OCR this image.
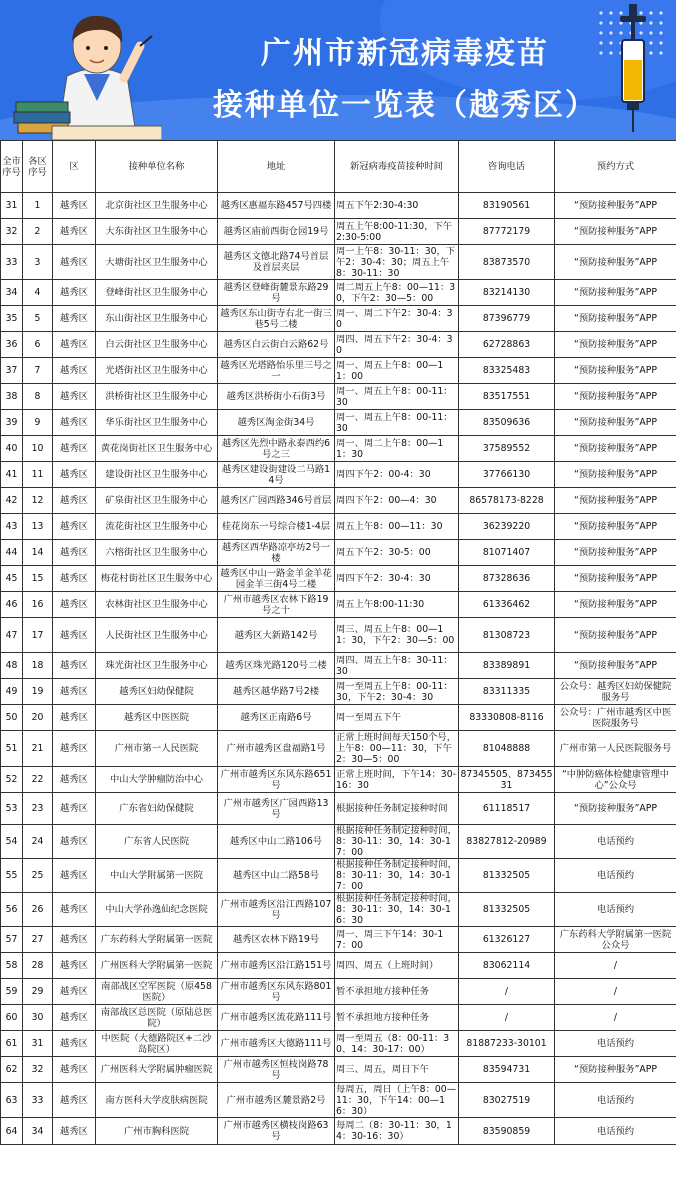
广州市新冠病毒疫苗
接种单位一览表（越秀区）
全市序号	各区序号	区	接种单位名称	地址	新冠病毒疫苗接种时间	咨询电话	预约方式
31	1	越秀区	北京街社区卫生服务中心	越秀区惠福东路457号四楼	周五下午2:30-4:30	83190561	“预防接种服务”APP
32	2	越秀区	大东街社区卫生服务中心	越秀区庙前西街仓园19号	周五上午8:00-11:30，下午2:30-5:00	87772179	“预防接种服务”APP
33	3	越秀区	大塘街社区卫生服务中心	越秀区文德北路74号首层及首层夹层	周一上午8：30-11：30，下午2：30-4：30；周五上午8：30-11：30	83873570	“预防接种服务”APP
34	4	越秀区	登峰街社区卫生服务中心	越秀区登峰街麓景东路29号	周二周五上午8：00—11：30，下午2：30—5：00	83214130	“预防接种服务”APP
35	5	越秀区	东山街社区卫生服务中心	越秀区东山街寺右北一街三巷5号二楼	周一、周二下午2：30-4：30	87396779	“预防接种服务”APP
36	6	越秀区	白云街社区卫生服务中心	越秀区白云街白云路62号	周四、周五下午2：30-4：30	62728863	“预防接种服务”APP
37	7	越秀区	光塔街社区卫生服务中心	越秀区光塔路怡乐里三号之一	周一、周五上午8：00—11：00	83325483	“预防接种服务”APP
38	8	越秀区	洪桥街社区卫生服务中心	越秀区洪桥街小石街3号	周一、周五上午8：00-11：30	83517551	“预防接种服务”APP
39	9	越秀区	华乐街社区卫生服务中心	越秀区淘金街34号	周一、周五上午8：00-11：30	83509636	“预防接种服务”APP
40	10	越秀区	黄花岗街社区卫生服务中心	越秀区先烈中路永泰西约6号之三	周一、周二上午8：00—11：30	37589552	“预防接种服务”APP
41	11	越秀区	建设街社区卫生服务中心	越秀区建设街建设二马路14号	周四下午2：00-4：30	37766130	“预防接种服务”APP
42	12	越秀区	矿泉街社区卫生服务中心	越秀区广园西路346号首层	周四下午2：00—4：30	86578173-8228	“预防接种服务”APP
43	13	越秀区	流花街社区卫生服务中心	桂花岗东一号综合楼1-4层	周五上午8：00—11：30	36239220	“预防接种服务”APP
44	14	越秀区	六榕街社区卫生服务中心	越秀区西华路凉亭坊2号一楼	周五下午2：30-5：00	81071407	“预防接种服务”APP
45	15	越秀区	梅花村街社区卫生服务中心	越秀区中山一路金羊金羊花园金羊三街4号二楼	周四下午2：30-4：30	87328636	“预防接种服务”APP
46	16	越秀区	农林街社区卫生服务中心	广州市越秀区农林下路19号之十	周五上午8:00-11:30	61336462	“预防接种服务”APP
47	17	越秀区	人民街社区卫生服务中心	越秀区大新路142号	周三、周五上午8：00—11：30，下午2：30—5：00	81308723	“预防接种服务”APP
48	18	越秀区	珠光街社区卫生服务中心	越秀区珠光路120号二楼	周四、周五上午8：30-11：30	83389891	“预防接种服务”APP
49	19	越秀区	越秀区妇幼保健院	越秀区越华路7号2楼	周一至周五上午8：00-11：30，下午2：30-4：30	83311335	公众号：越秀区妇幼保健院服务号
50	20	越秀区	越秀区中医医院	越秀区正南路6号	周一至周五下午	83330808-8116	公众号：广州市越秀区中医医院服务号
51	21	越秀区	广州市第一人民医院	广州市越秀区盘福路1号	正常上班时间每天150个号，上午8：00—11：30，下午2：30—5：00	81048888	广州市第一人民医院服务号
52	22	越秀区	中山大学肿瘤防治中心	广州市越秀区东风东路651号	正常上班时间，下午14：30-16：30	87345505、87345531	“中肿防癌体检健康管理中心”公众号
53	23	越秀区	广东省妇幼保健院	广州市越秀区广园西路13号	根据接种任务制定接种时间	61118517	“预防接种服务”APP
54	24	越秀区	广东省人民医院	越秀区中山二路106号	根据接种任务制定接种时间，8：30-11：30，14：30-17：00	83827812-20989	电话预约
55	25	越秀区	中山大学附属第一医院	越秀区中山二路58号	根据接种任务制定接种时间，8：30-11：30，14：30-17：00	81332505	电话预约
56	26	越秀区	中山大学孙逸仙纪念医院	广州市越秀区沿江西路107号	根据接种任务制定接种时间，8：30-11：30，14：30-16：30	81332505	电话预约
57	27	越秀区	广东药科大学附属第一医院	越秀区农林下路19号	周一、周三下午14：30-17：00	61326127	广东药科大学附属第一医院公众号
58	28	越秀区	广州医科大学附属第一医院	广州市越秀区沿江路151号	周四、周五（上班时间）	83062114	/
59	29	越秀区	南部战区空军医院（原458医院）	广州市越秀区东风东路801号	暂不承担地方接种任务	/	/
60	30	越秀区	南部战区总医院（原陆总医院）	广州市越秀区流花路111号	暂不承担地方接种任务	/	/
61	31	越秀区	中医院（大德路院区+二沙岛院区）	广州市越秀区大德路111号	周一至周五（8：00-11：30、14：30-17：00）	81887233-30101	电话预约
62	32	越秀区	广州医科大学附属肿瘤医院	广州市越秀区恒枝岗路78号	周三、周五，周日下午	83594731	“预防接种服务”APP
63	33	越秀区	南方医科大学皮肤病医院	广州市越秀区麓景路2号	每周五，周日（上午8：00—11：30，下午14：00—16：30）	83027519	电话预约
64	34	越秀区	广州市胸科医院	广州市越秀区横枝岗路63号	每周二（8：30-11：30，14：30-16：30）	83590859	电话预约
